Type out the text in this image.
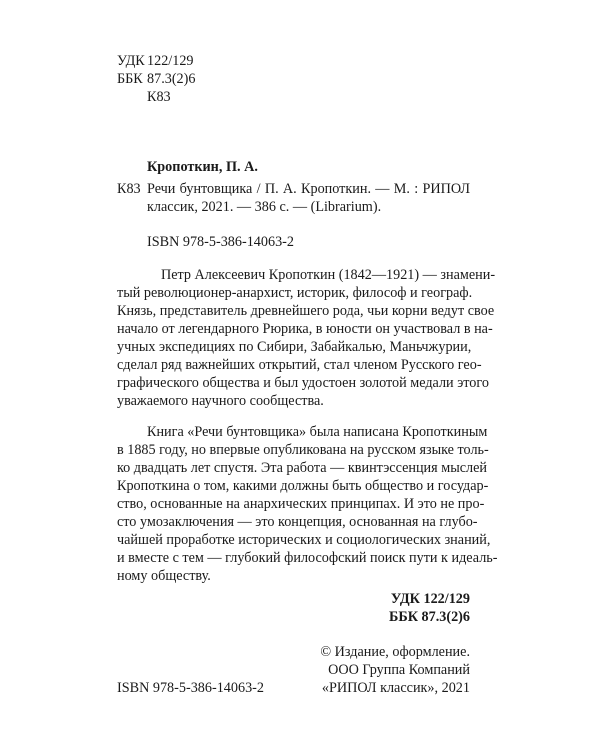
УДК 122/129
ББК 87.3(2)6
К83
Кропоткин, П. А.
К83 Речи бунтовщика / П. А. Кропоткин. — М. : РИПОЛ
классик, 2021. — 386 с. — (Librarium).
ISBN 978-5-386-14063-2
Петр Алексеевич Кропоткин (1842—1921) — знамени-
тый революционер-анархист, историк, философ и географ.
Князь, представитель древнейшего рода, чьи корни ведут свое
начало от легендарного Рюрика, в юности он участвовал в на-
учных экспедициях по Сибири, Забайкалью, Маньчжурии,
сделал ряд важнейших открытий, стал членом Русского гео-
графического общества и был удостоен золотой медали этого
уважаемого научного сообщества.
Книга «Речи бунтовщика» была написана Кропоткиным
в 1885 году, но впервые опубликована на русском языке толь-
ко двадцать лет спустя. Эта работа — квинтэссенция мыслей
Кропоткина о том, какими должны быть общество и государ-
ство, основанные на анархических принципах. И это не про-
сто умозаключения — это концепция, основанная на глубо-
чайшей проработке исторических и социологических знаний,
и вместе с тем — глубокий философский поиск пути к идеаль-
ному обществу.
УДК 122/129
ББК 87.3(2)6
© Издание, оформление.
ООО Группа Компаний
«РИПОЛ классик», 2021
ISBN 978-5-386-14063-2
